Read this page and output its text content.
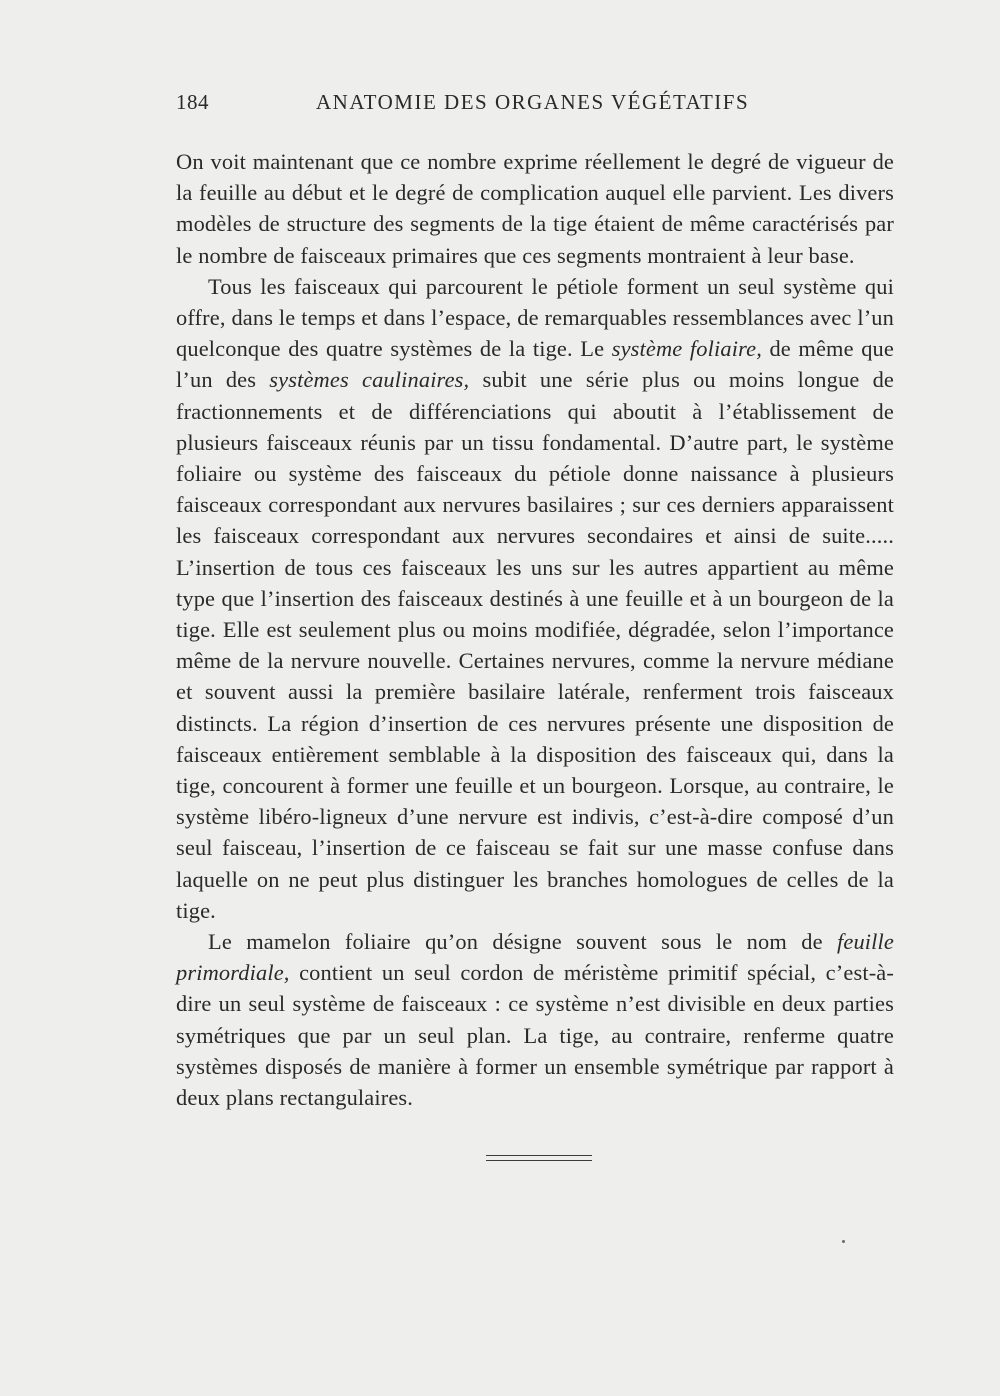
184	ANATOMIE DES ORGANES VÉGÉTATIFS

On voit maintenant que ce nombre exprime réellement le degré de vigueur de la feuille au début et le degré de complication auquel elle parvient. Les divers modèles de structure des segments de la tige étaient de même caractérisés par le nombre de faisceaux primaires que ces segments montraient à leur base.

Tous les faisceaux qui parcourent le pétiole forment un seul système qui offre, dans le temps et dans l’espace, de remarquables ressemblances avec l’un quelconque des quatre systèmes de la tige. Le système foliaire, de même que l’un des systèmes caulinaires, subit une série plus ou moins longue de fractionnements et de différenciations qui aboutit à l’établissement de plusieurs faisceaux réunis par un tissu fondamental. D’autre part, le système foliaire ou système des faisceaux du pétiole donne naissance à plusieurs faisceaux correspondant aux nervures basilaires ; sur ces derniers apparaissent les faisceaux correspondant aux nervures secondaires et ainsi de suite..... L’insertion de tous ces faisceaux les uns sur les autres appartient au même type que l’insertion des faisceaux destinés à une feuille et à un bourgeon de la tige. Elle est seulement plus ou moins modifiée, dégradée, selon l’importance même de la nervure nouvelle. Certaines nervures, comme la nervure médiane et souvent aussi la première basilaire latérale, renferment trois faisceaux distincts. La région d’insertion de ces nervures présente une disposition de faisceaux entièrement semblable à la disposition des faisceaux qui, dans la tige, concourent à former une feuille et un bourgeon. Lorsque, au contraire, le système libéro-ligneux d’une nervure est indivis, c’est-à-dire composé d’un seul faisceau, l’insertion de ce faisceau se fait sur une masse confuse dans laquelle on ne peut plus distinguer les branches homologues de celles de la tige.

Le mamelon foliaire qu’on désigne souvent sous le nom de feuille primordiale, contient un seul cordon de méristème primitif spécial, c’est-à-dire un seul système de faisceaux : ce système n’est divisible en deux parties symétriques que par un seul plan. La tige, au contraire, renferme quatre systèmes disposés de manière à former un ensemble symétrique par rapport à deux plans rectangulaires.
